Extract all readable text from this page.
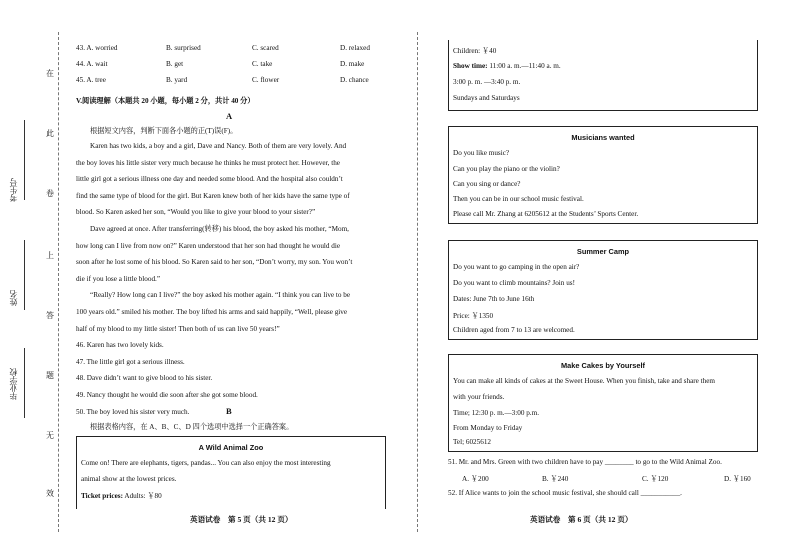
在
此
卷
上
答
题
无
效
考生号
姓名
毕业学校
43. A. worried	B. surprised	C. scared	D. relaxed
44. A. wait	B. get	C. take	D. make
45. A. tree	B. yard	C. flower	D. chance
V.阅读理解（本题共 20 小题，每小题 2 分，共计 40 分）
A
根据短文内容，判断下面各小题的正(T)误(F)。
Karen has two kids, a boy and a girl, Dave and Nancy. Both of them are very lovely. And
the boy loves his little sister very much because he thinks he must protect her. However, the
little girl got a serious illness one day and needed some blood. And the hospital also couldn’t
find the same type of blood for the girl. But Karen knew both of her kids have the same type of
blood. So Karen asked her son, “Would you like to give your blood to your sister?”
Dave agreed at once. After transferring(转移) his blood, the boy asked his mother, “Mom,
how long can I live from now on?” Karen understood that her son had thought he would die
soon after he lost some of his blood. So Karen said to her son, “Don’t worry, my son. You won’t
die if you lose a little blood.”
“Really? How long can I live?” the boy asked his mother again. “I think you can live to be
100 years old.” smiled his mother. The boy lifted his arms and said happily, “Well, please give
half of my blood to my little sister! Then both of us can live 50 years!”
46. Karen has two lovely kids.
47. The little girl got a serious illness.
48. Dave didn’t want to give blood to his sister.
49. Nancy thought he would die soon after she got some blood.
50. The boy loved his sister very much.	B
根据表格内容，在 A、B、C、D 四个选项中选择一个正确答案。
A Wild Animal Zoo
Come on! There are elephants, tigers, pandas... You can also enjoy the most interesting
animal show at the lowest prices.
Ticket prices: Adults: ￥80
英语试卷　第 5 页（共 12 页）
Children: ￥40
Show time: 11:00 a. m.—11:40 a. m.
3:00 p. m. —3:40 p. m.
Sundays and Saturdays
Musicians wanted
Do you like music?
Can you play the piano or the violin?
Can you sing or dance?
Then you can be in our school music festival.
Please call Mr. Zhang at 6205612 at the Students’ Sports Center.
Summer Camp
Do you want to go camping in the open air?
Do you want to climb mountains? Join us!
Dates: June 7th to June 16th
Price: ￥1350
Children aged from 7 to 13 are welcomed.
Make Cakes by Yourself
You can make all kinds of cakes at the Sweet House. When you finish, take and share them
with your friends.
Time; 12:30 p. m.—3:00 p.m.
From Monday to Friday
Tel; 6025612
51. Mr. and Mrs. Green with two children have to pay ________ to go to the Wild Animal Zoo.
A. ￥200	B. ￥240	C. ￥120	D. ￥160
52. If Alice wants to join the school music festival, she should call ___________.
英语试卷　第 6 页（共 12 页）
